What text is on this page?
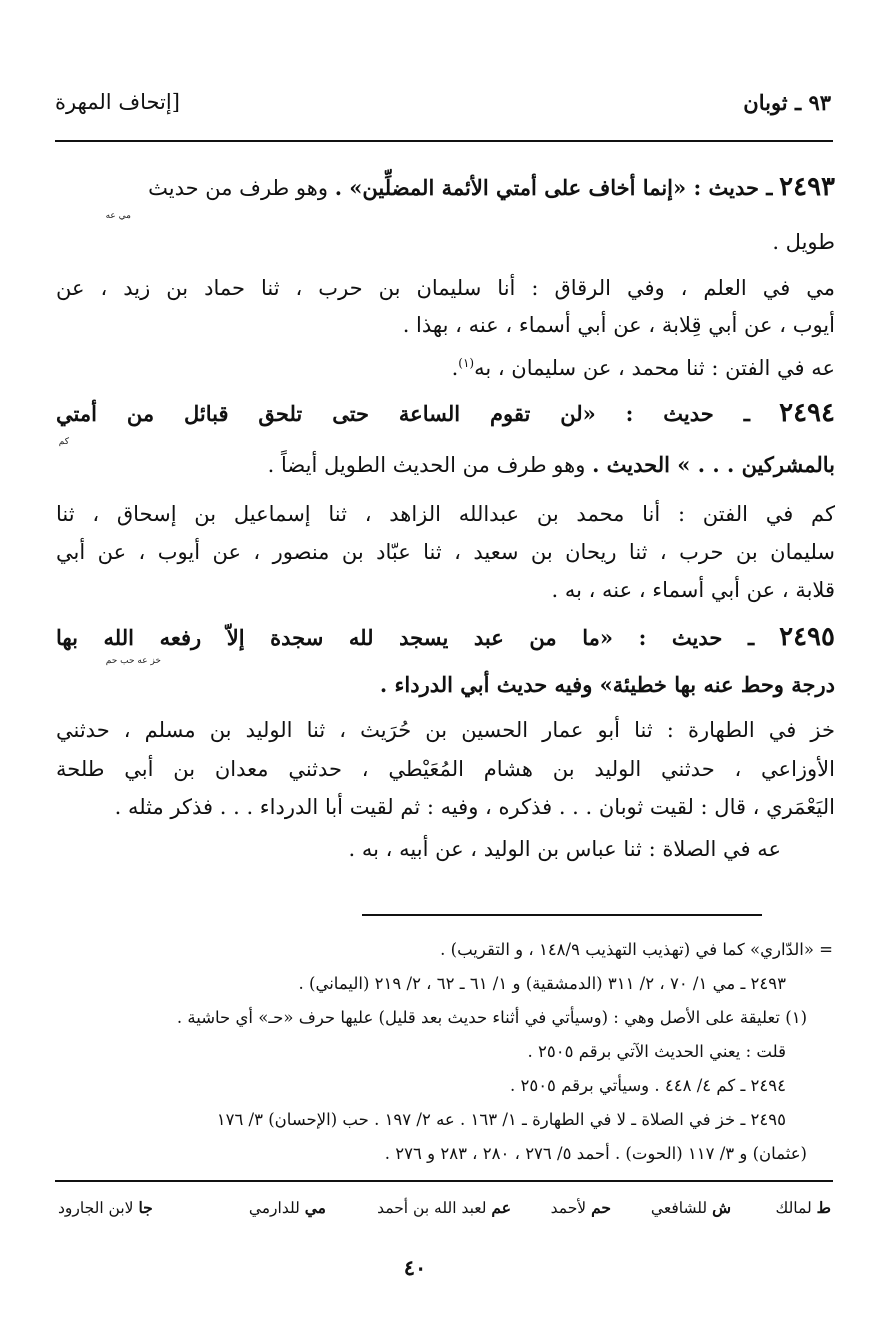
٩٣ ـ ثوبان
[إتحاف المهرة
٢٤٩٣ ـ حديث : «إنما أخاف على أمتي الأئمة المضلِّين» . وهو طرف من حديث
مي عه
طويل .
مي في العلم ، وفي الرقاق : أنا سليمان بن حرب ، ثنا حماد بن زيد ، عن
أيوب ، عن أبي قِلابة ، عن أبي أسماء ، عنه ، بهذا .
عه في الفتن : ثنا محمد ، عن سليمان ، به$^{(١)}$.
٢٤٩٤ ـ حديث : «لن تقوم الساعة حتى تلحق قبائل من أمتي
كم
بالمشركين . . . » الحديث . وهو طرف من الحديث الطويل أيضاً .
كم في الفتن : أنا محمد بن عبدالله الزاهد ، ثنا إسماعيل بن إسحاق ، ثنا
سليمان بن حرب ، ثنا ريحان بن سعيد ، ثنا عبّاد بن منصور ، عن أيوب ، عن أبي
قلابة ، عن أبي أسماء ، عنه ، به .
٢٤٩٥ ـ حديث : «ما من عبد يسجد لله سجدة إلاّ رفعه الله بها
خز عه حب حم
درجة وحط عنه بها خطيئة» وفيه حديث أبي الدرداء .
خز في الطهارة : ثنا أبو عمار الحسين بن حُرَيث ، ثنا الوليد بن مسلم ، حدثني
الأوزاعي ، حدثني الوليد بن هشام المُعَيْطي ، حدثني معدان بن أبي طلحة
اليَعْمَري ، قال : لقيت ثوبان . . . فذكره ، وفيه : ثم لقيت أبا الدرداء . . . فذكر مثله .
عه في الصلاة : ثنا عباس بن الوليد ، عن أبيه ، به .
= «الدّاري» كما في (تهذيب التهذيب ١٤٨/٩ ، و التقريب) .
٢٤٩٣ ـ مي ١/ ٧٠ ، ٢/ ٣١١ (الدمشقية) و ١/ ٦١ ـ ٦٢ ، ٢/ ٢١٩ (اليماني) .
(١) تعليقة على الأصل وهي : (وسيأتي في أثناء حديث بعد قليل) عليها حرف «حـ» أي حاشية .
قلت : يعني الحديث الآتي برقم ٢٥٠٥ .
٢٤٩٤ ـ كم ٤/ ٤٤٨ . وسيأتي برقم ٢٥٠٥ .
٢٤٩٥ ـ خز في الصلاة ـ لا في الطهارة ـ ١/ ١٦٣ . عه ٢/ ١٩٧ . حب (الإحسان) ٣/ ١٧٦
(عثمان) و ٣/ ١١٧ (الحوت) . أحمد ٥/ ٢٧٦ ، ٢٨٠ ، ٢٨٣ و ٢٧٦ .
ط لمالك
ش للشافعي
حم لأحمد
عم لعبد الله بن أحمد
مي للدارمي
جا لابن الجارود
٤٠
